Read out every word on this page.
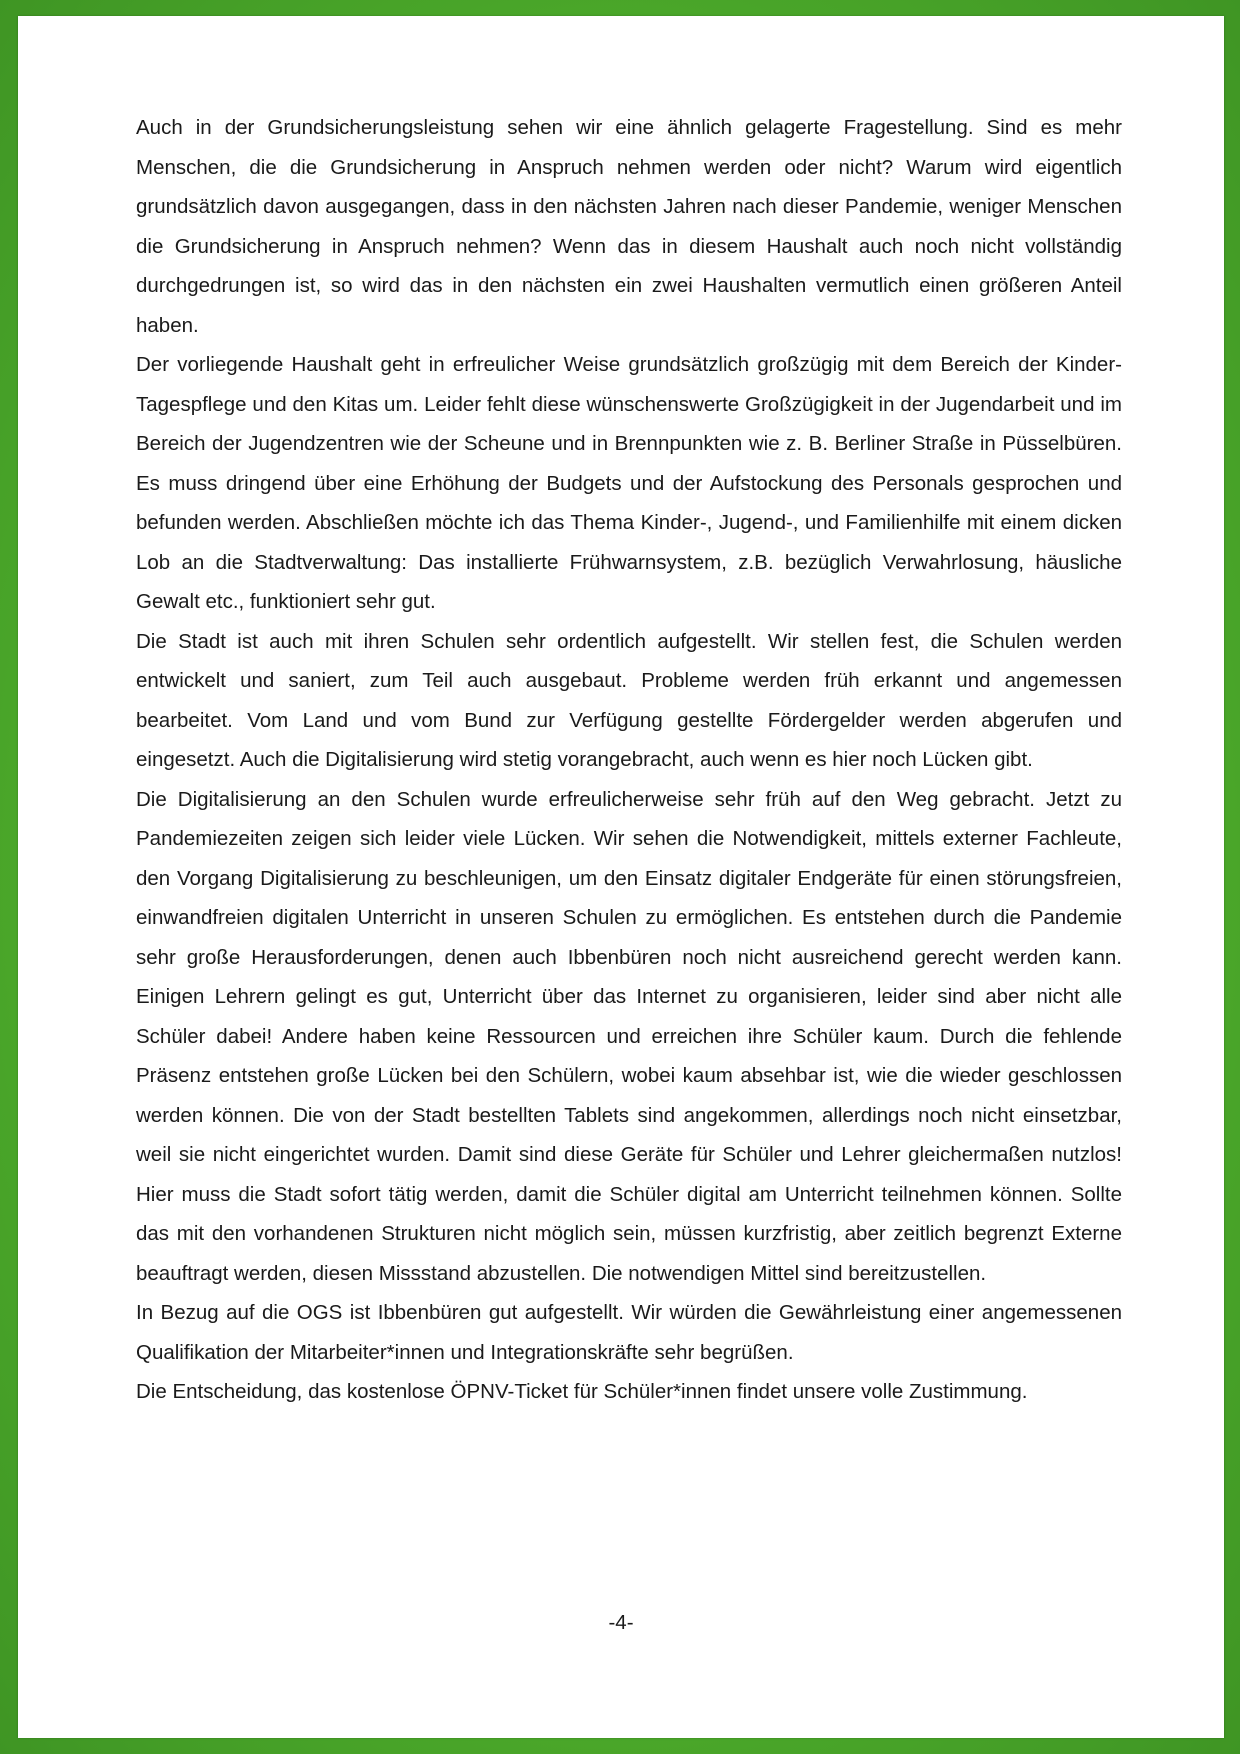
Auch in der Grundsicherungsleistung sehen wir eine ähnlich gelagerte Fragestellung. Sind es mehr Menschen, die die Grundsicherung in Anspruch nehmen werden oder nicht? Warum wird eigentlich grundsätzlich davon ausgegangen, dass in den nächsten Jahren nach dieser Pandemie, weniger Menschen die Grundsicherung in Anspruch nehmen? Wenn das in diesem Haushalt auch noch nicht vollständig durchgedrungen ist, so wird das in den nächsten ein zwei Haushalten vermutlich einen größeren Anteil haben.

Der vorliegende Haushalt geht in erfreulicher Weise grundsätzlich großzügig mit dem Bereich der Kinder-Tagespflege und den Kitas um. Leider fehlt diese wünschenswerte Großzügigkeit in der Jugendarbeit und im Bereich der Jugendzentren wie der Scheune und in Brennpunkten wie z. B. Berliner Straße in Püsselbüren. Es muss dringend über eine Erhöhung der Budgets und der Aufstockung des Personals gesprochen und befunden werden. Abschließen möchte ich das Thema Kinder-, Jugend-, und Familienhilfe mit einem dicken Lob an die Stadtverwaltung: Das installierte Frühwarnsystem, z.B. bezüglich Verwahrlosung, häusliche Gewalt etc., funktioniert sehr gut.

Die Stadt ist auch mit ihren Schulen sehr ordentlich aufgestellt. Wir stellen fest, die Schulen werden entwickelt und saniert, zum Teil auch ausgebaut. Probleme werden früh erkannt und angemessen bearbeitet. Vom Land und vom Bund zur Verfügung gestellte Fördergelder werden abgerufen und eingesetzt. Auch die Digitalisierung wird stetig vorangebracht, auch wenn es hier noch Lücken gibt.

Die Digitalisierung an den Schulen wurde erfreulicherweise sehr früh auf den Weg gebracht. Jetzt zu Pandemiezeiten zeigen sich leider viele Lücken. Wir sehen die Notwendigkeit, mittels externer Fachleute, den Vorgang Digitalisierung zu beschleunigen, um den Einsatz digitaler Endgeräte für einen störungsfreien, einwandfreien digitalen Unterricht in unseren Schulen zu ermöglichen. Es entstehen durch die Pandemie sehr große Herausforderungen, denen auch Ibbenbüren noch nicht ausreichend gerecht werden kann. Einigen Lehrern gelingt es gut, Unterricht über das Internet zu organisieren, leider sind aber nicht alle Schüler dabei! Andere haben keine Ressourcen und erreichen ihre Schüler kaum. Durch die fehlende Präsenz entstehen große Lücken bei den Schülern, wobei kaum absehbar ist, wie die wieder geschlossen werden können. Die von der Stadt bestellten Tablets sind angekommen, allerdings noch nicht einsetzbar, weil sie nicht eingerichtet wurden. Damit sind diese Geräte für Schüler und Lehrer gleichermaßen nutzlos! Hier muss die Stadt sofort tätig werden, damit die Schüler digital am Unterricht teilnehmen können. Sollte das mit den vorhandenen Strukturen nicht möglich sein, müssen kurzfristig, aber zeitlich begrenzt Externe beauftragt werden, diesen Missstand abzustellen. Die notwendigen Mittel sind bereitzustellen.

In Bezug auf die OGS ist Ibbenbüren gut aufgestellt. Wir würden die Gewährleistung einer angemessenen Qualifikation der Mitarbeiter*innen und Integrationskräfte sehr begrüßen.

Die Entscheidung, das kostenlose ÖPNV-Ticket für Schüler*innen findet unsere volle Zustimmung.

-4-
